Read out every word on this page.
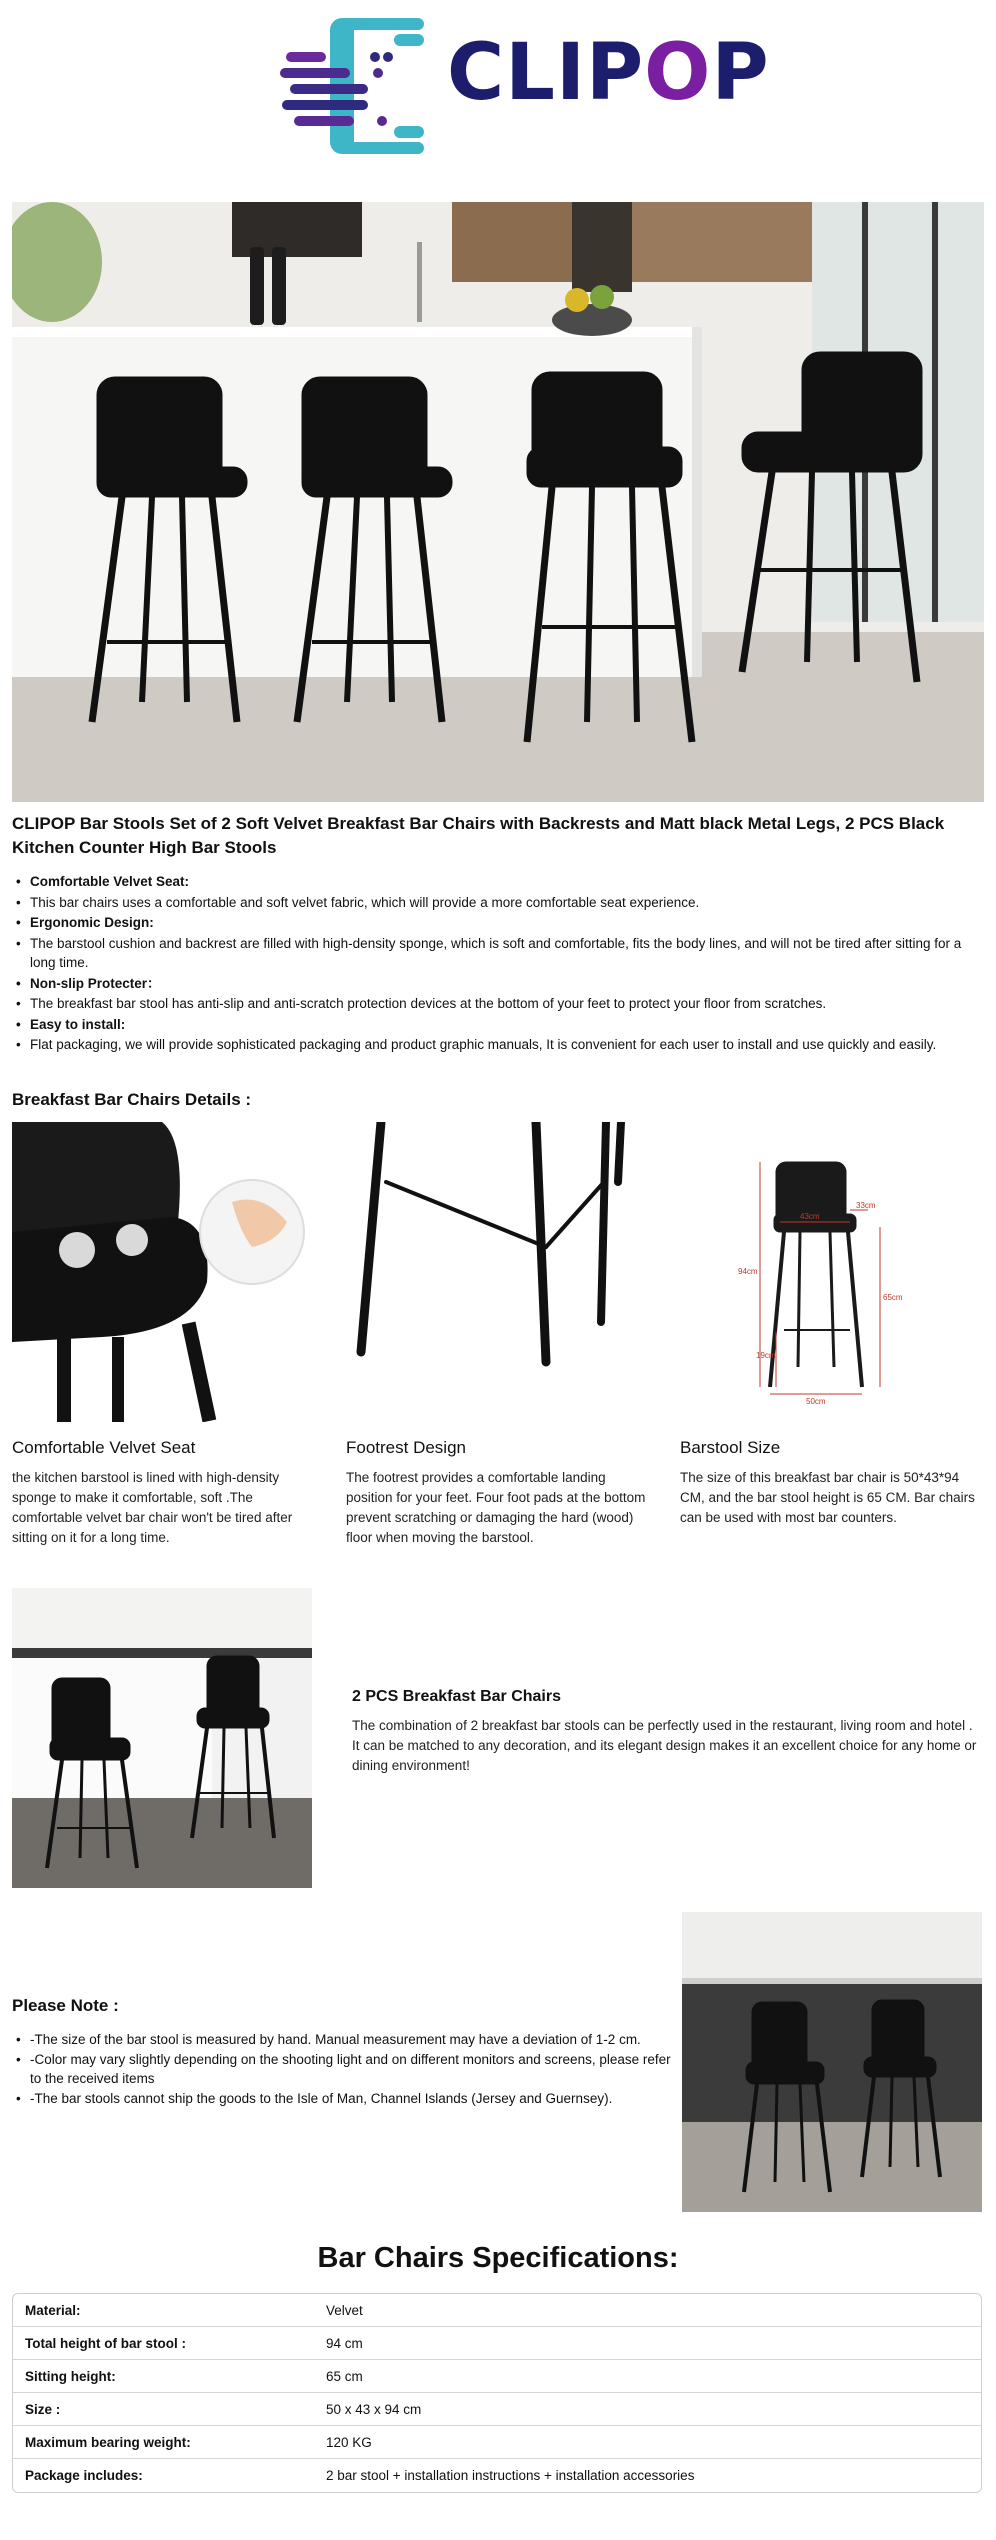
CLIPOP
CLIPOP Bar Stools Set of 2 Soft Velvet Breakfast Bar Chairs with Backrests and Matt black Metal Legs, 2 PCS Black Kitchen Counter High Bar Stools
• Comfortable Velvet Seat:
• This bar chairs uses a comfortable and soft velvet fabric, which will provide a more comfortable seat experience.
• Ergonomic Design:
• The barstool cushion and backrest are filled with high-density sponge, which is soft and comfortable, fits the body lines, and will not be tired after sitting for a long time.
• Non-slip Protecter：
• The breakfast bar stool has anti-slip and anti-scratch protection devices at the bottom of your feet to protect your floor from scratches.
• Easy to install:
• Flat packaging, we will provide sophisticated packaging and product graphic manuals, It is convenient for each user to install and use quickly and easily.
Breakfast Bar Chairs Details :
Comfortable Velvet Seat
the kitchen barstool is lined with high-density sponge to make it comfortable, soft .The comfortable velvet bar chair won't be tired after sitting on it for a long time.
Footrest Design
The footrest provides a comfortable landing position for your feet. Four foot pads at the bottom prevent scratching or damaging the hard (wood) floor when moving the barstool.
94cm
43cm
33cm
65cm
19cm
50cm
Barstool Size
The size of this breakfast bar chair is 50*43*94 CM, and the bar stool height is 65 CM. Bar chairs can be used with most bar counters.
2 PCS Breakfast Bar Chairs
The combination of 2 breakfast bar stools can be perfectly used in the restaurant, living room and hotel . It can be matched to any decoration, and its elegant design makes it an excellent choice for any home or dining environment!
Please Note :
• -The size of the bar stool is measured by hand. Manual measurement may have a deviation of 1-2 cm.
• -Color may vary slightly depending on the shooting light and on different monitors and screens, please refer to the received items
• -The bar stools cannot ship the goods to the Isle of Man, Channel Islands (Jersey and Guernsey).
Bar Chairs Specifications:
Material:	Velvet
Total height of bar stool :	94 cm
Sitting height:	65 cm
Size :	50 x 43 x 94 cm
Maximum bearing weight:	120 KG
Package includes:	2 bar stool + installation instructions + installation accessories
